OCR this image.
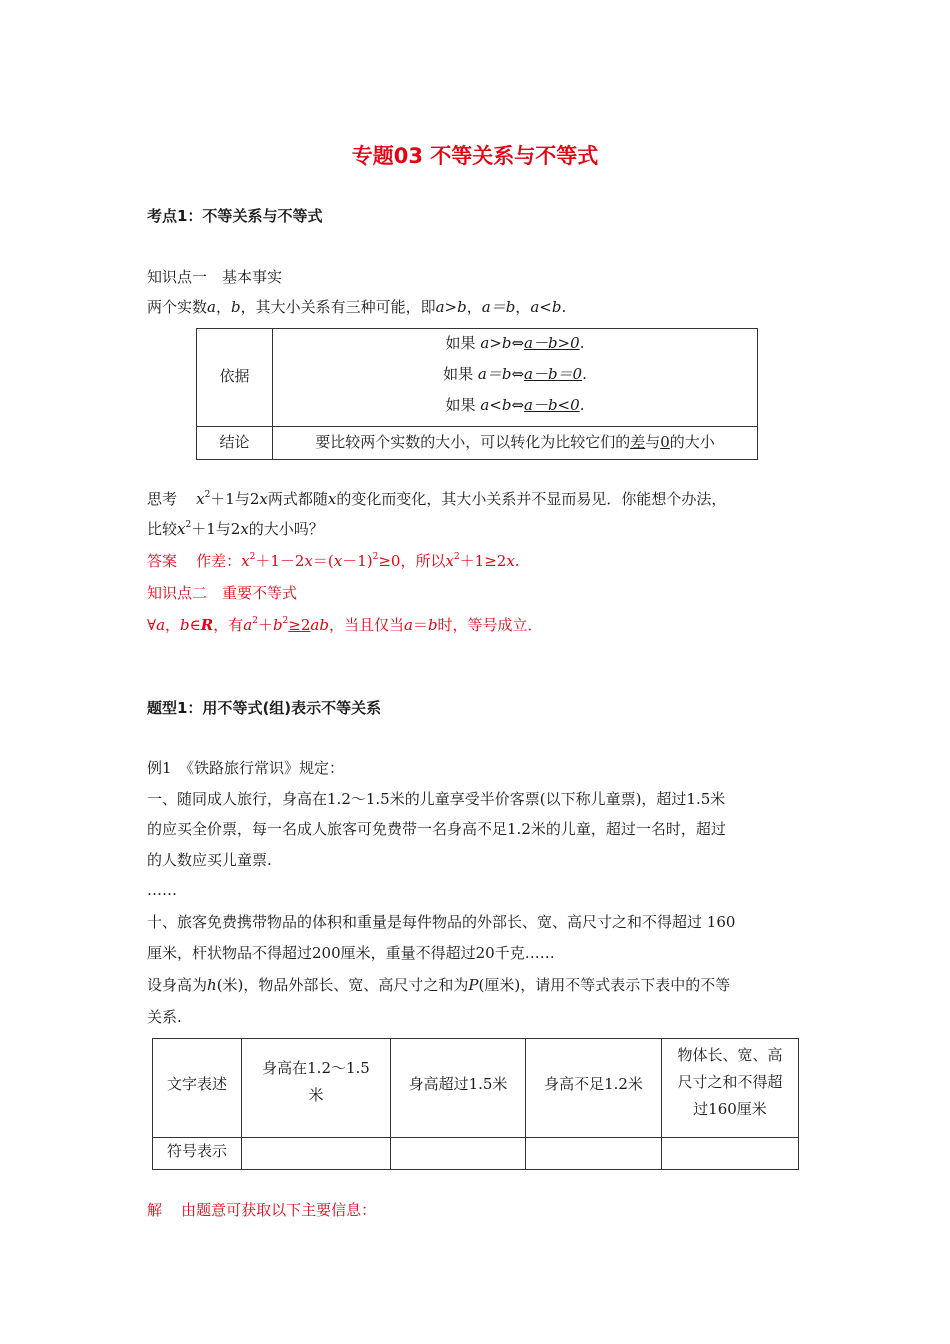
专题03 不等关系与不等式
考点1：不等关系与不等式
知识点一　基本事实
两个实数a，b，其大小关系有三种可能，即a>b，a＝b，a<b.
依据
如果 a>b⇔a－b>0.
如果 a＝b⇔a－b＝0.
如果 a<b⇔a－b<0.
结论	要比较两个实数的大小，可以转化为比较它们的差与0的大小
思考 $x^2+1$与2x两式都随x的变化而变化，其大小关系并不显而易见．你能想个办法，
比较$x^2+1$与2x的大小吗？
答案 作差：$x^2+1-2x=(x-1)^2\ge 0$，所以$x^2+1\ge 2x$.
知识点二　重要不等式
∀a，b∈R，有$a^2+b^2\ge 2ab$，当且仅当a＝b时，等号成立．
题型1：用不等式(组)表示不等关系
例1　《铁路旅行常识》规定：
一、随同成人旅行，身高在1.2～1.5米的儿童享受半价客票(以下称儿童票)，超过1.5米
的应买全价票，每一名成人旅客可免费带一名身高不足1.2米的儿童，超过一名时，超过
的人数应买儿童票.
……
十、旅客免费携带物品的体积和重量是每件物品的外部长、宽、高尺寸之和不得超过 160
厘米，杆状物品不得超过200厘米，重量不得超过20千克……
设身高为h(米)，物品外部长、宽、高尺寸之和为P(厘米)，请用不等式表示下表中的不等
关系.
文字表述
身高在1.2～1.5
米
身高超过1.5米	身高不足1.2米
物体长、宽、高
尺寸之和不得超
过160厘米
符号表示
解 由题意可获取以下主要信息：
